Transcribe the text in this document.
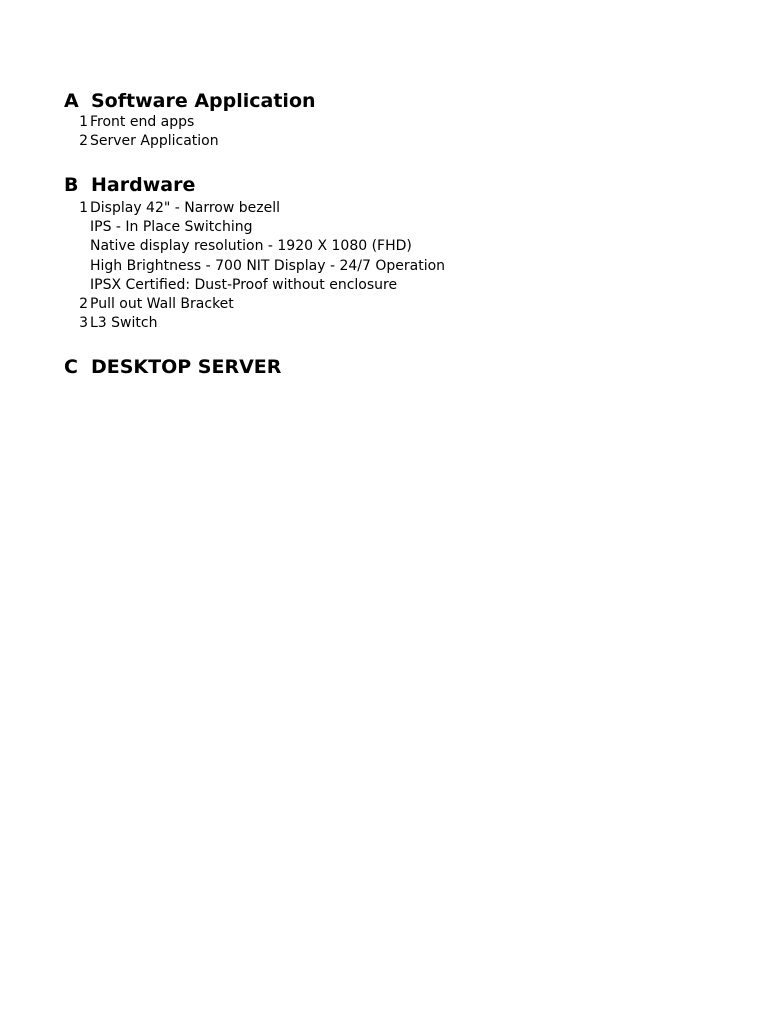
A Software Application
1 Front end apps
2 Server Application
B Hardware
1 Display 42" - Narrow bezell
IPS - In Place Switching
Native display resolution - 1920 X 1080 (FHD)
High Brightness - 700 NIT Display - 24/7 Operation
IPSX Certified: Dust-Proof without enclosure
2 Pull out Wall Bracket
3 L3 Switch
C DESKTOP SERVER
